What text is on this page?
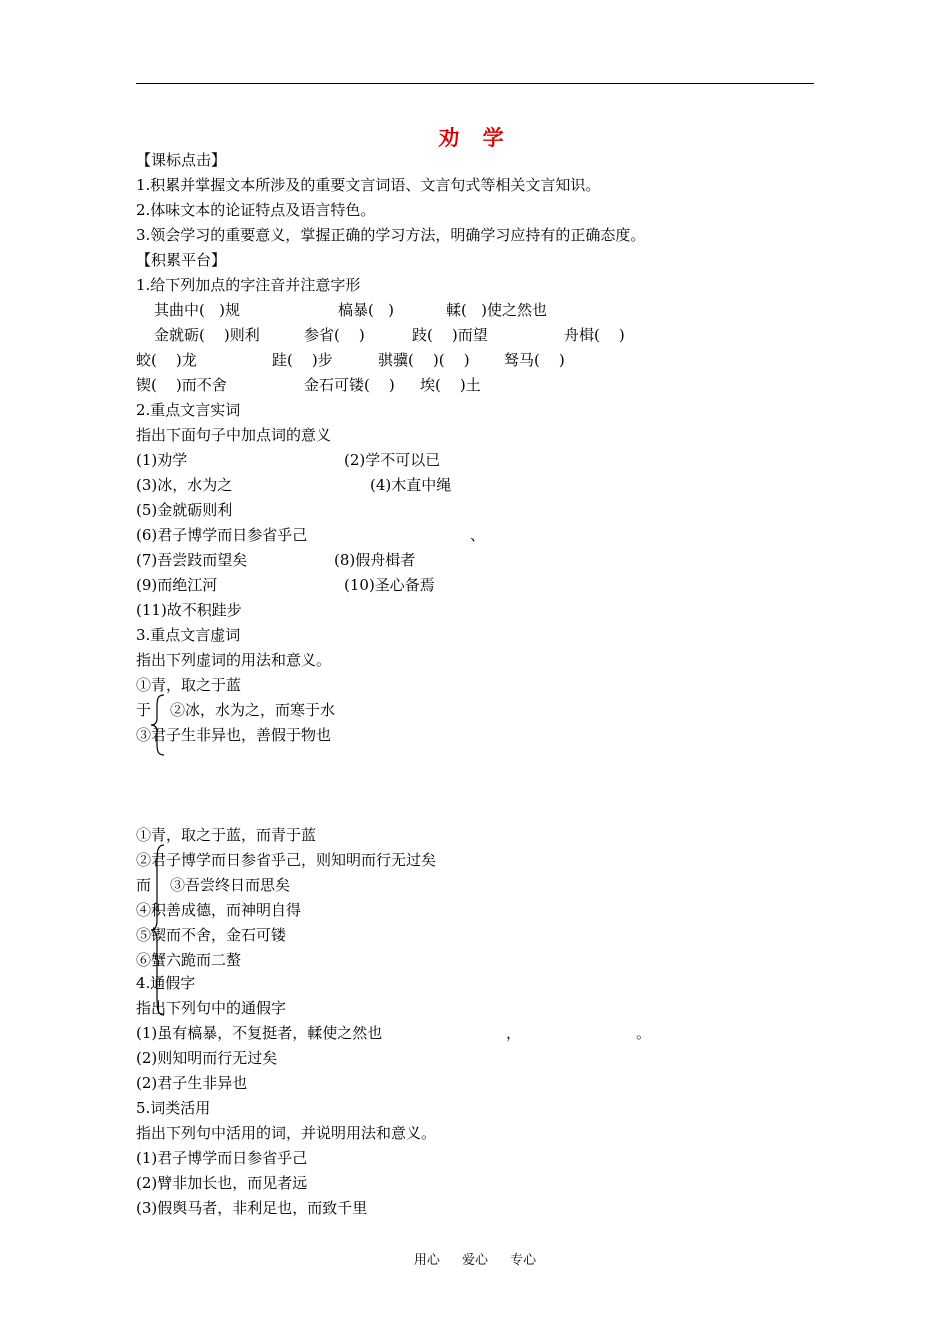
劝 学
【课标点击】
1.积累并掌握文本所涉及的重要文言词语、文言句式等相关文言知识。
2.体味文本的论证特点及语言特色。
3.领会学习的重要意义，掌握正确的学习方法，明确学习应持有的正确态度。
【积累平台】
1.给下列加点的字注音并注意字形
其曲中(   )规	槁暴(   )	輮(   )使之然也
金就砺(    )则利	参省(    )	跂(    )而望	舟楫(    )
蛟(    )龙	跬(    )步	骐骥(    )(    ) 驽马(    )
锲(    )而不舍	金石可镂(    ) 埃(    )土
2.重点文言实词
指出下面句子中加点词的意义
(1)劝学	(2)学不可以已
(3)冰，水为之	(4)木直中绳
(5)金就砺则利
(6)君子博学而日参省乎己	、
(7)吾尝跂而望矣	(8)假舟楫者
(9)而绝江河	(10)圣心备焉
(11)故不积跬步
3.重点文言虚词
指出下列虚词的用法和意义。
①青，取之于蓝
于 ②冰，水为之，而寒于水
③君子生非异也，善假于物也
①青，取之于蓝，而青于蓝
②君子博学而日参省乎己，则知明而行无过矣
而 ③吾尝终日而思矣
④积善成德，而神明自得
⑤锲而不舍，金石可镂
⑥蟹六跪而二螯
4.通假字
指出下列句中的通假字
(1)虽有槁暴，不复挺者，輮使之然也	，	。
(2)则知明而行无过矣
(2)君子生非异也
5.词类活用
指出下列句中活用的词，并说明用法和意义。
(1)君子博学而日参省乎己
(2)臂非加长也，而见者远
(3)假舆马者，非利足也，而致千里
用心 爱心 专心
